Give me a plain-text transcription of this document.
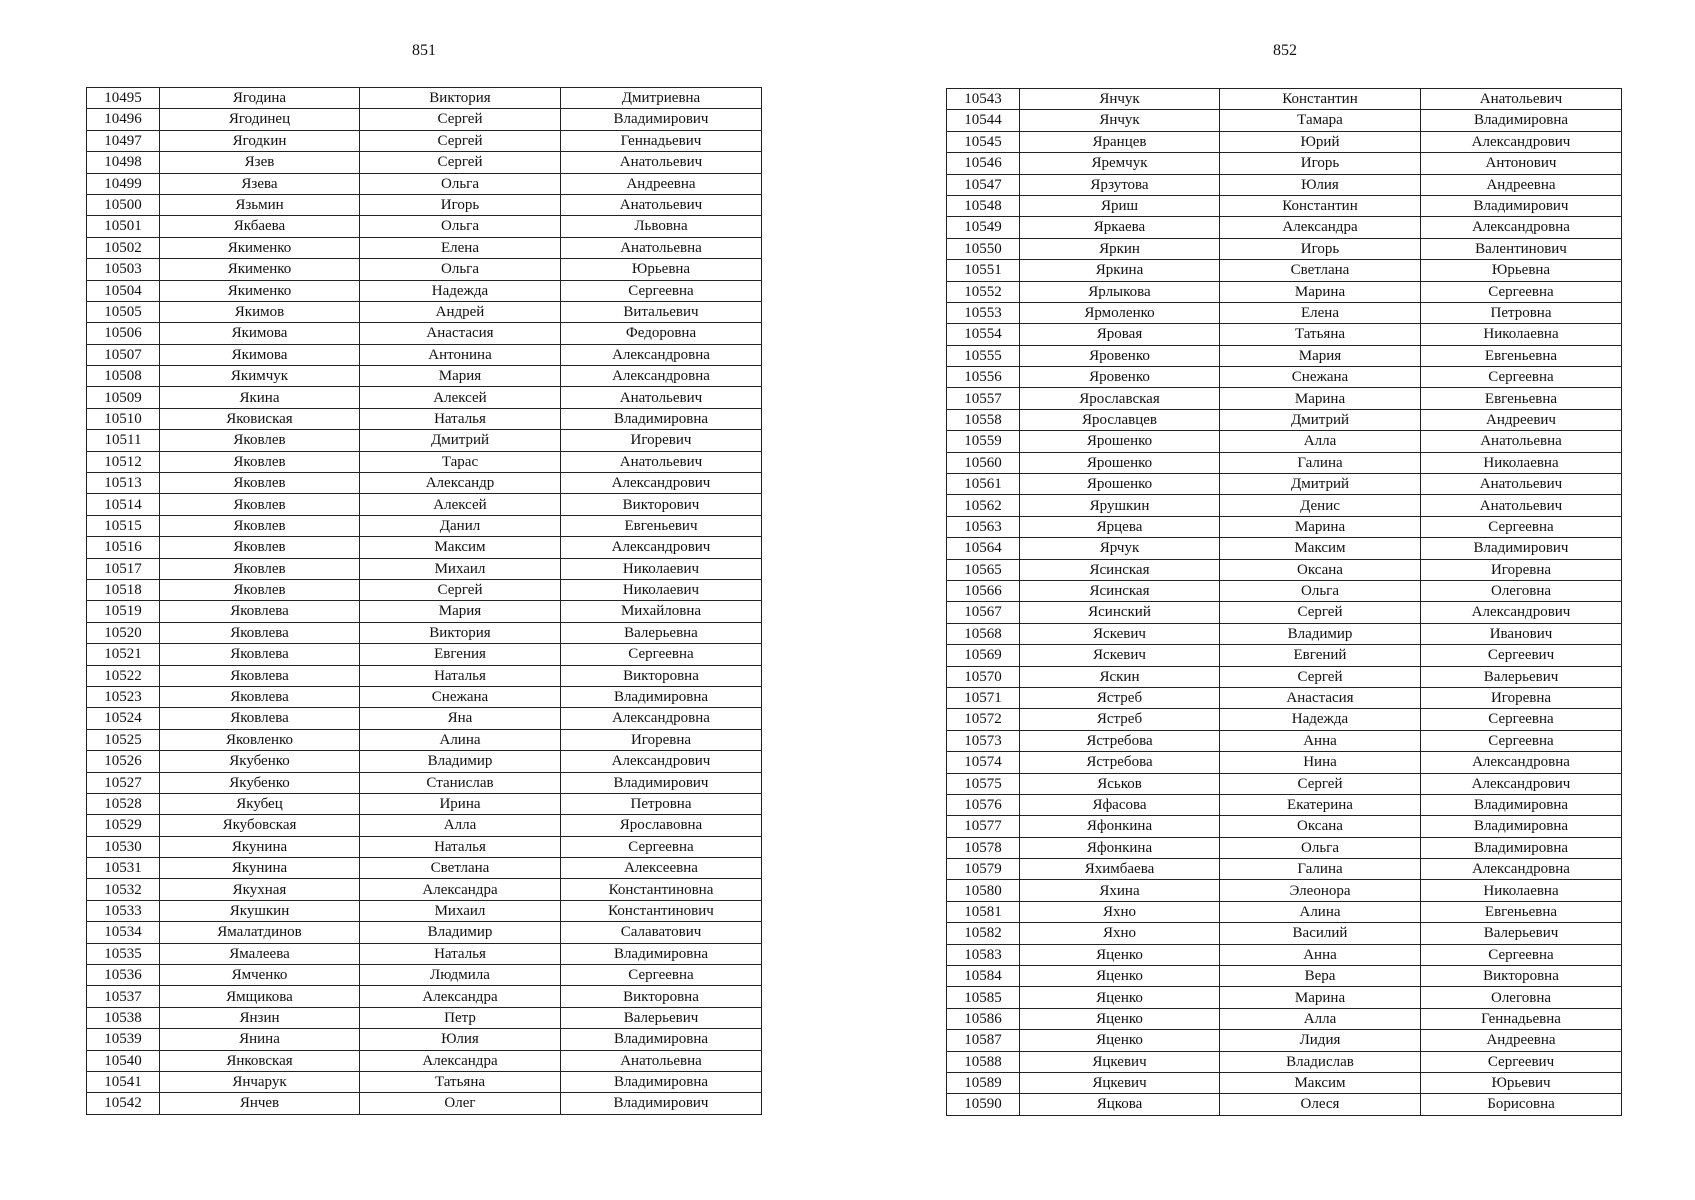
851	852
10495	Ягодина	Виктория	Дмитриевна
10496	Ягодинец	Сергей	Владимирович
10497	Ягодкин	Сергей	Геннадьевич
10498	Язев	Сергей	Анатольевич
10499	Язева	Ольга	Андреевна
10500	Язьмин	Игорь	Анатольевич
10501	Якбаева	Ольга	Львовна
10502	Якименко	Елена	Анатольевна
10503	Якименко	Ольга	Юрьевна
10504	Якименко	Надежда	Сергеевна
10505	Якимов	Андрей	Витальевич
10506	Якимова	Анастасия	Федоровна
10507	Якимова	Антонина	Александровна
10508	Якимчук	Мария	Александровна
10509	Якина	Алексей	Анатольевич
10510	Яковиская	Наталья	Владимировна
10511	Яковлев	Дмитрий	Игоревич
10512	Яковлев	Тарас	Анатольевич
10513	Яковлев	Александр	Александрович
10514	Яковлев	Алексей	Викторович
10515	Яковлев	Данил	Евгеньевич
10516	Яковлев	Максим	Александрович
10517	Яковлев	Михаил	Николаевич
10518	Яковлев	Сергей	Николаевич
10519	Яковлева	Мария	Михайловна
10520	Яковлева	Виктория	Валерьевна
10521	Яковлева	Евгения	Сергеевна
10522	Яковлева	Наталья	Викторовна
10523	Яковлева	Снежана	Владимировна
10524	Яковлева	Яна	Александровна
10525	Яковленко	Алина	Игоревна
10526	Якубенко	Владимир	Александрович
10527	Якубенко	Станислав	Владимирович
10528	Якубец	Ирина	Петровна
10529	Якубовская	Алла	Ярославовна
10530	Якунина	Наталья	Сергеевна
10531	Якунина	Светлана	Алексеевна
10532	Якухная	Александра	Константиновна
10533	Якушкин	Михаил	Константинович
10534	Ямалатдинов	Владимир	Салаватович
10535	Ямалеева	Наталья	Владимировна
10536	Ямченко	Людмила	Сергеевна
10537	Ямщикова	Александра	Викторовна
10538	Янзин	Петр	Валерьевич
10539	Янина	Юлия	Владимировна
10540	Янковская	Александра	Анатольевна
10541	Янчарук	Татьяна	Владимировна
10542	Янчев	Олег	Владимирович
10543	Янчук	Константин	Анатольевич
10544	Янчук	Тамара	Владимировна
10545	Яранцев	Юрий	Александрович
10546	Яремчук	Игорь	Антонович
10547	Ярзутова	Юлия	Андреевна
10548	Яриш	Константин	Владимирович
10549	Яркаева	Александра	Александровна
10550	Яркин	Игорь	Валентинович
10551	Яркина	Светлана	Юрьевна
10552	Ярлыкова	Марина	Сергеевна
10553	Ярмоленко	Елена	Петровна
10554	Яровая	Татьяна	Николаевна
10555	Яровенко	Мария	Евгеньевна
10556	Яровенко	Снежана	Сергеевна
10557	Ярославская	Марина	Евгеньевна
10558	Ярославцев	Дмитрий	Андреевич
10559	Ярошенко	Алла	Анатольевна
10560	Ярошенко	Галина	Николаевна
10561	Ярошенко	Дмитрий	Анатольевич
10562	Ярушкин	Денис	Анатольевич
10563	Ярцева	Марина	Сергеевна
10564	Ярчук	Максим	Владимирович
10565	Ясинская	Оксана	Игоревна
10566	Ясинская	Ольга	Олеговна
10567	Ясинский	Сергей	Александрович
10568	Яскевич	Владимир	Иванович
10569	Яскевич	Евгений	Сергеевич
10570	Яскин	Сергей	Валерьевич
10571	Ястреб	Анастасия	Игоревна
10572	Ястреб	Надежда	Сергеевна
10573	Ястребова	Анна	Сергеевна
10574	Ястребова	Нина	Александровна
10575	Яськов	Сергей	Александрович
10576	Яфасова	Екатерина	Владимировна
10577	Яфонкина	Оксана	Владимировна
10578	Яфонкина	Ольга	Владимировна
10579	Яхимбаева	Галина	Александровна
10580	Яхина	Элеонора	Николаевна
10581	Яхно	Алина	Евгеньевна
10582	Яхно	Василий	Валерьевич
10583	Яценко	Анна	Сергеевна
10584	Яценко	Вера	Викторовна
10585	Яценко	Марина	Олеговна
10586	Яценко	Алла	Геннадьевна
10587	Яценко	Лидия	Андреевна
10588	Яцкевич	Владислав	Сергеевич
10589	Яцкевич	Максим	Юрьевич
10590	Яцкова	Олеся	Борисовна
